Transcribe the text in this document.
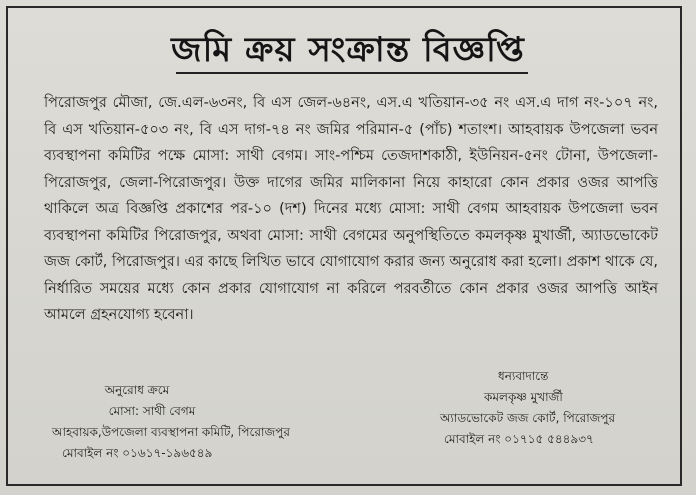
জমি ক্রয় সংক্রান্ত বিজ্ঞপ্তি
পিরোজপুর মৌজা, জে.এল-৬৩নং, বি এস জেল-৬৪নং, এস.এ খতিয়ান-৩৫ নং এস.এ দাগ নং-১০৭ নং, বি এস খতিয়ান-৫০৩ নং, বি এস দাগ-৭৪ নং জমির পরিমান-৫ (পাঁচ) শতাংশ। আহবায়ক উপজেলা ভবন ব্যবস্থাপনা কমিটির পক্ষে মোসা: সাথী বেগম। সাং-পশ্চিম তেজদাশকাঠী, ইউনিয়ন-৫নং টোনা, উপজেলা-পিরোজপুর, জেলা-পিরোজপুর। উক্ত দাগের জমির মালিকানা নিয়ে কাহারো কোন প্রকার ওজর আপত্তি থাকিলে অত্র বিজ্ঞপ্তি প্রকাশের পর-১০ (দশ) দিনের মধ্যে মোসা: সাথী বেগম আহবায়ক উপজেলা ভবন ব্যবস্থাপনা কমিটির পিরোজপুর, অথবা মোসা: সাথী বেগমের অনুপস্থিতিতে কমলকৃষ্ণ মুখার্জী, অ্যাডভোকেট জজ কোর্ট, পিরোজপুর। এর কাছে লিখিত ভাবে যোগাযোগ করার জন্য অনুরোধ করা হলো। প্রকাশ থাকে যে, নির্ধারিত সময়ের মধ্যে কোন প্রকার যোগাযোগ না করিলে পরবর্তীতে কোন প্রকার ওজর আপত্তি আইন আমলে গ্রহনযোগ্য হবেনা।
অনুরোধ ক্রমে
মোসা: সাথী বেগম
আহবায়ক,উপজেলা ব্যবস্থাপনা কমিটি, পিরোজপুর
মোবাইল নং ০১৬১৭-১৯৬৫৪৯
ধন্যবাদান্তে
কমলকৃষ্ণ মুখার্জী
অ্যাডভোকেট জজ কোর্ট, পিরোজপুর
মোবাইল নং ০১৭১৫ ৫৪৪৯৩৭
